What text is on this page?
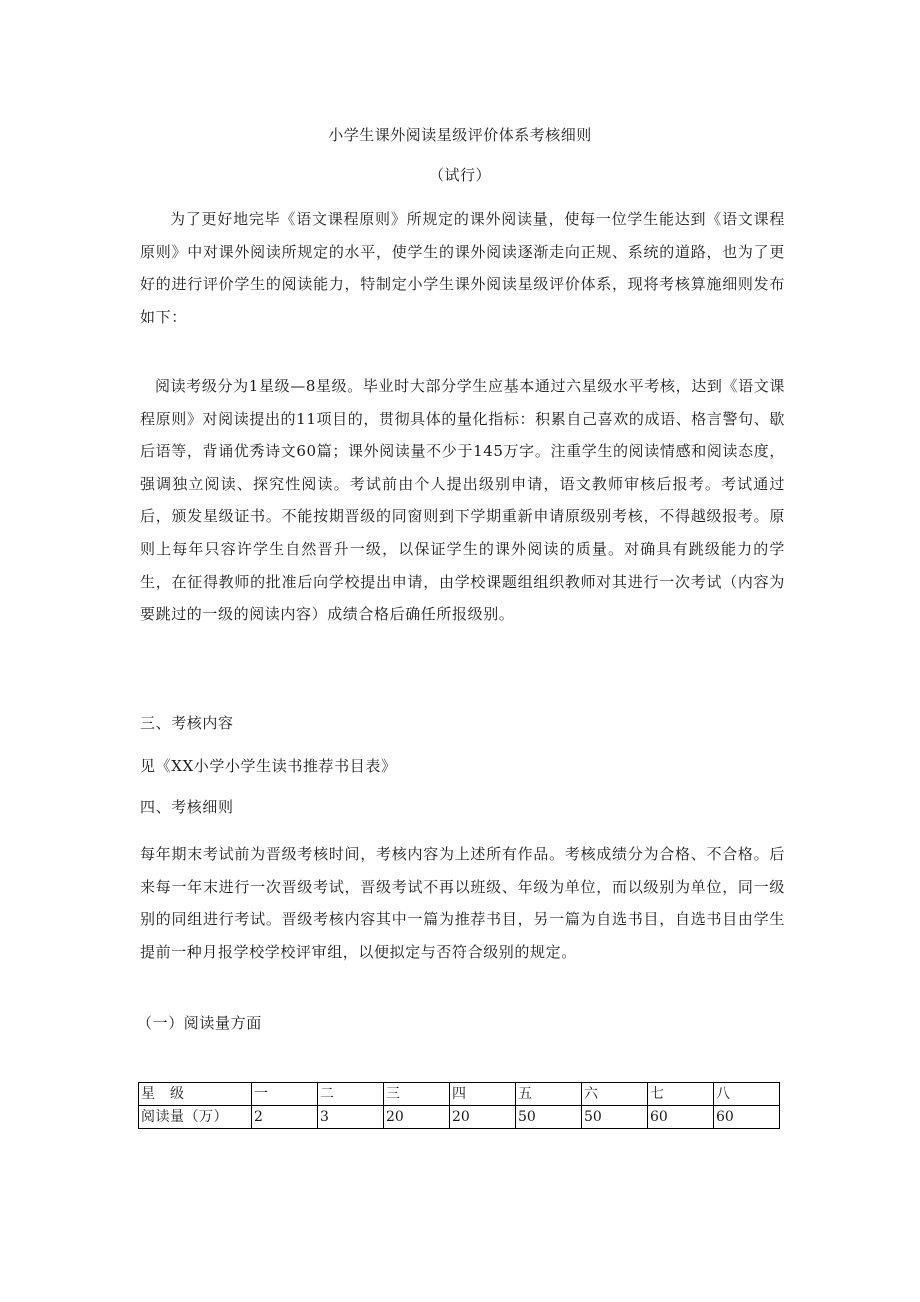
小学生课外阅读星级评价体系考核细则
（试行）
为了更好地完毕《语文课程原则》所规定的课外阅读量，使每一位学生能达到《语文课程原则》中对课外阅读所规定的水平，使学生的课外阅读逐渐走向正规、系统的道路，也为了更好的进行评价学生的阅读能力，特制定小学生课外阅读星级评价体系，现将考核算施细则发布如下：
阅读考级分为1星级—8星级。毕业时大部分学生应基本通过六星级水平考核，达到《语文课程原则》对阅读提出的11项目的，贯彻具体的量化指标：积累自己喜欢的成语、格言警句、歇后语等，背诵优秀诗文60篇；课外阅读量不少于145万字。注重学生的阅读情感和阅读态度，强调独立阅读、探究性阅读。考试前由个人提出级别申请，语文教师审核后报考。考试通过后，颁发星级证书。不能按期晋级的同窗则到下学期重新申请原级别考核，不得越级报考。原则上每年只容许学生自然晋升一级，以保证学生的课外阅读的质量。对确具有跳级能力的学生，在征得教师的批准后向学校提出申请，由学校课题组组织教师对其进行一次考试（内容为要跳过的一级的阅读内容）成绩合格后确任所报级别。
三、考核内容
见《XX小学小学生读书推荐书目表》
四、考核细则
每年期末考试前为晋级考核时间，考核内容为上述所有作品。考核成绩分为合格、不合格。后来每一年末进行一次晋级考试，晋级考试不再以班级、年级为单位，而以级别为单位，同一级别的同组进行考试。晋级考核内容其中一篇为推荐书目，另一篇为自选书目，自选书目由学生提前一种月报学校学校评审组，以便拟定与否符合级别的规定。
（一）阅读量方面
星　级	一	二	三	四	五	六	七	八
阅读量（万）	2	3	20	20	50	50	60	60
